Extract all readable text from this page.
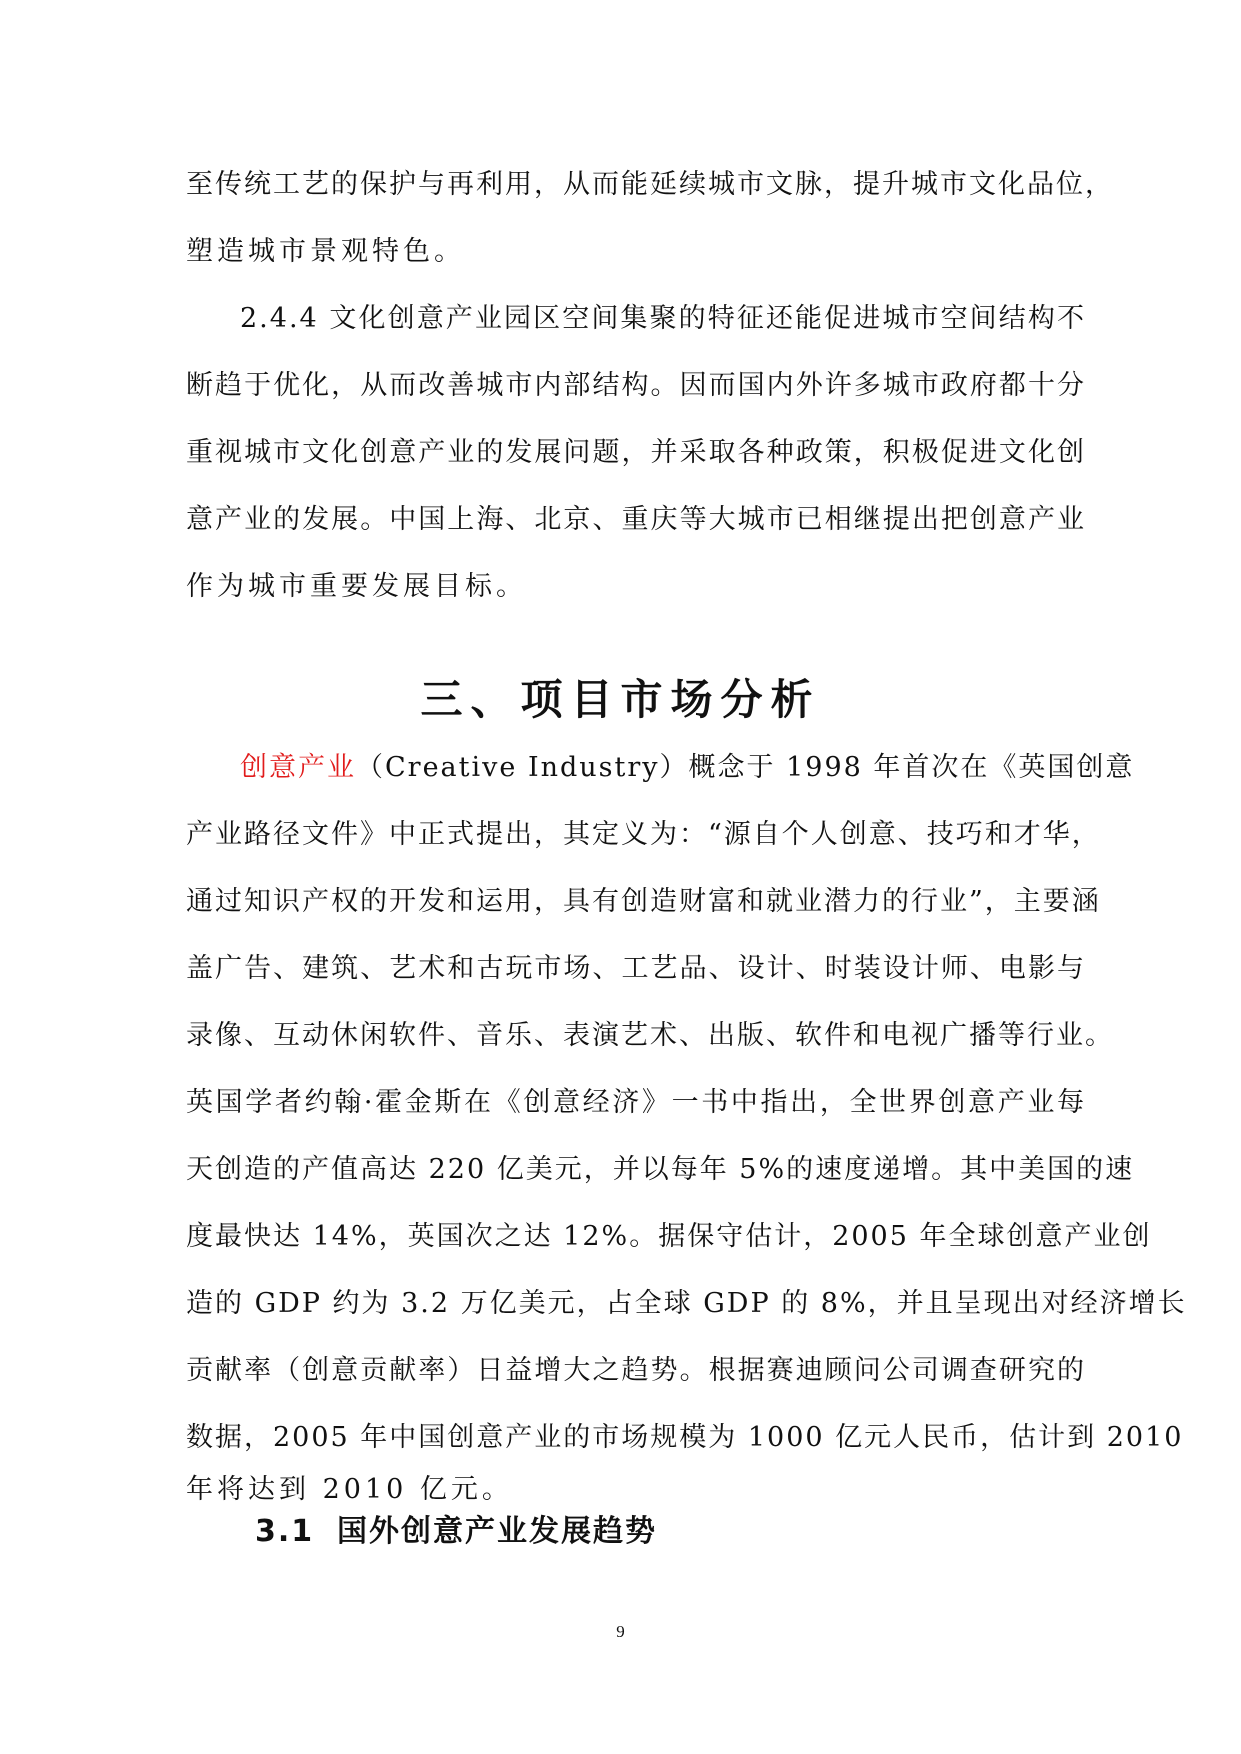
至传统工艺的保护与再利用，从而能延续城市文脉，提升城市文化品位，
塑造城市景观特色。
2.4.4 文化创意产业园区空间集聚的特征还能促进城市空间结构不
断趋于优化，从而改善城市内部结构。因而国内外许多城市政府都十分
重视城市文化创意产业的发展问题，并采取各种政策，积极促进文化创
意产业的发展。中国上海、北京、重庆等大城市已相继提出把创意产业
作为城市重要发展目标。
三、项目市场分析
创意产业（Creative Industry）概念于 1998 年首次在《英国创意
产业路径文件》中正式提出，其定义为：“源自个人创意、技巧和才华，
通过知识产权的开发和运用，具有创造财富和就业潜力的行业”，主要涵
盖广告、建筑、艺术和古玩市场、工艺品、设计、时装设计师、电影与
录像、互动休闲软件、音乐、表演艺术、出版、软件和电视广播等行业。
英国学者约翰·霍金斯在《创意经济》一书中指出，全世界创意产业每
天创造的产值高达 220 亿美元，并以每年 5%的速度递增。其中美国的速
度最快达 14%，英国次之达 12%。据保守估计，2005 年全球创意产业创
造的 GDP 约为 3.2 万亿美元，占全球 GDP 的 8%，并且呈现出对经济增长
贡献率（创意贡献率）日益增大之趋势。根据赛迪顾问公司调查研究的
数据，2005 年中国创意产业的市场规模为 1000 亿元人民币，估计到 2010
3.1 国外创意产业发展趋势
9
年将达到 2010 亿元。
